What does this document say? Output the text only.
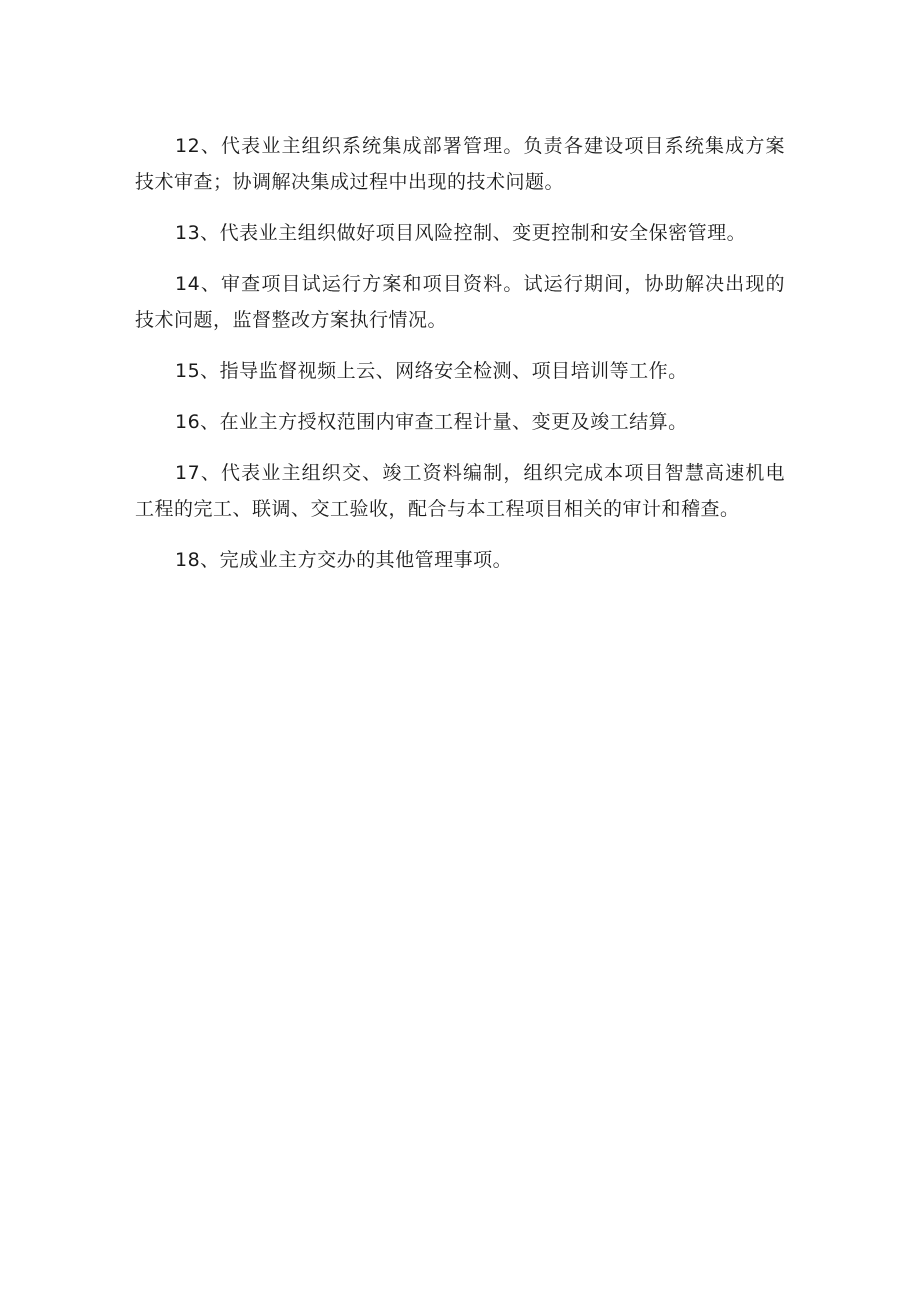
12、代表业主组织系统集成部署管理。负责各建设项目系统集成方案技术审查；协调解决集成过程中出现的技术问题。

13、代表业主组织做好项目风险控制、变更控制和安全保密管理。

14、审查项目试运行方案和项目资料。试运行期间，协助解决出现的技术问题，监督整改方案执行情况。

15、指导监督视频上云、网络安全检测、项目培训等工作。

16、在业主方授权范围内审查工程计量、变更及竣工结算。

17、代表业主组织交、竣工资料编制，组织完成本项目智慧高速机电工程的完工、联调、交工验收，配合与本工程项目相关的审计和稽查。

18、完成业主方交办的其他管理事项。
